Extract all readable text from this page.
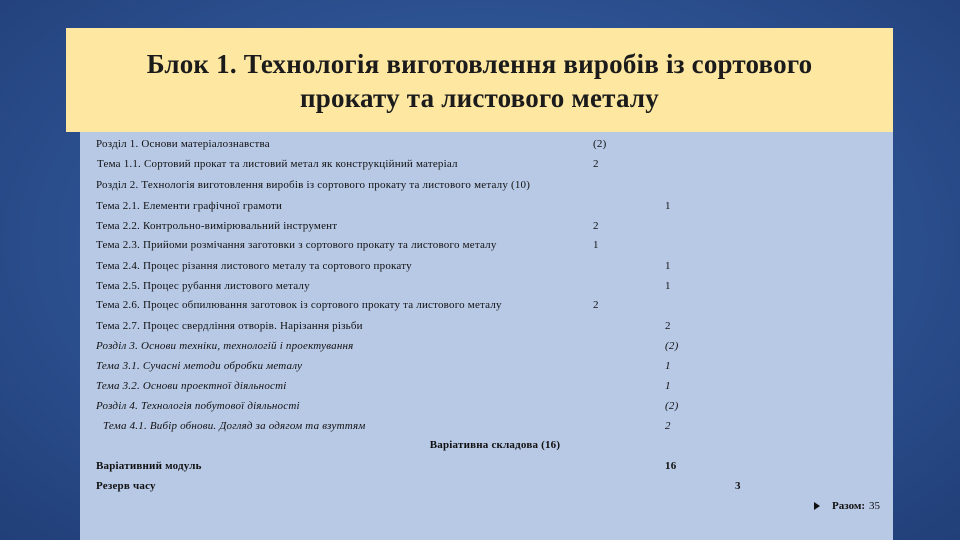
Блок 1. Технологія виготовлення виробів із сортового
прокату та листового металу
Розділ 1. Основи матеріалознавства	(2)
Тема 1.1. Сортовий прокат та листовий метал як конструкційний матеріал	2
Розділ 2. Технологія виготовлення виробів із сортового прокату та листового металу (10)
Тема 2.1. Елементи графічної грамоти	1
Тема 2.2. Контрольно-вимірювальний інструмент	2
Тема 2.3. Прийоми розмічання заготовки з сортового прокату та листового металу	1
Тема 2.4. Процес різання листового металу та сортового прокату	1
Тема 2.5. Процес рубання листового металу	1
Тема 2.6. Процес обпилювання заготовок із сортового прокату та листового металу	2
Тема 2.7. Процес свердління отворів. Нарізання різьби	2
Розділ 3. Основи техніки, технологій і проектування	(2)
Тема 3.1. Сучасні методи обробки металу	1
Тема 3.2. Основи проектної діяльності	1
Розділ 4. Технологія побутової діяльності	(2)
Тема 4.1. Вибір обнови. Догляд за одягом та взуттям	2
Варіативна складова (16)
Варіативний модуль	16
Резерв часу	3
Разом: 35
